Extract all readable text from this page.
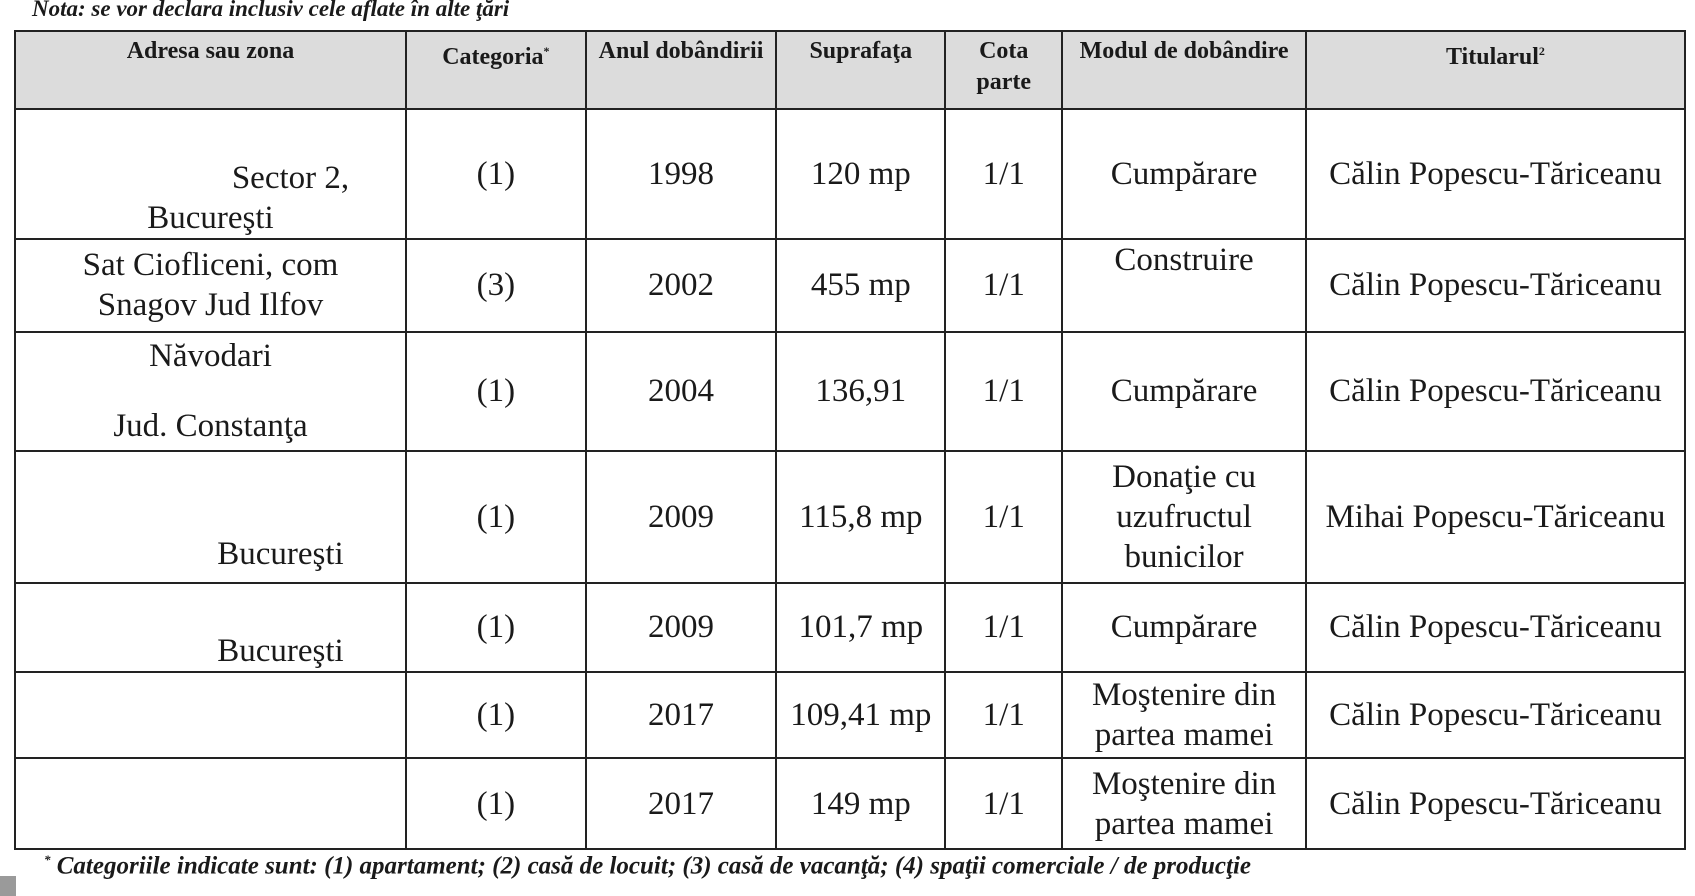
Nota: se vor declara inclusiv cele aflate în alte ţări
Adresa sau zona	Categoria*	Anul dobândirii	Suprafaţa	Cota parte	Modul de dobândire	Titularul$^2$

Sector 2,
Bucureşti	(1)	1998	120 mp	1/1	Cumpărare	Călin Popescu-Tăriceanu

Sat Ciofliceni, com
Snagov Jud Ilfov	(3)	2002	455 mp	1/1	Construire	Călin Popescu-Tăriceanu

Năvodari
Jud. Constanţa	(1)	2004	136,91	1/1	Cumpărare	Călin Popescu-Tăriceanu

Bucureşti	(1)	2009	115,8 mp	1/1	Donaţie cu uzufructul bunicilor	Mihai Popescu-Tăriceanu

Bucureşti	(1)	2009	101,7 mp	1/1	Cumpărare	Călin Popescu-Tăriceanu
	(1)	2017	109,41 mp	1/1	Moştenire din partea mamei	Călin Popescu-Tăriceanu
	(1)	2017	149 mp	1/1	Moştenire din partea mamei	Călin Popescu-Tăriceanu
* Categoriile indicate sunt: (1) apartament; (2) casă de locuit; (3) casă de vacanţă; (4) spaţii comerciale / de producţie
